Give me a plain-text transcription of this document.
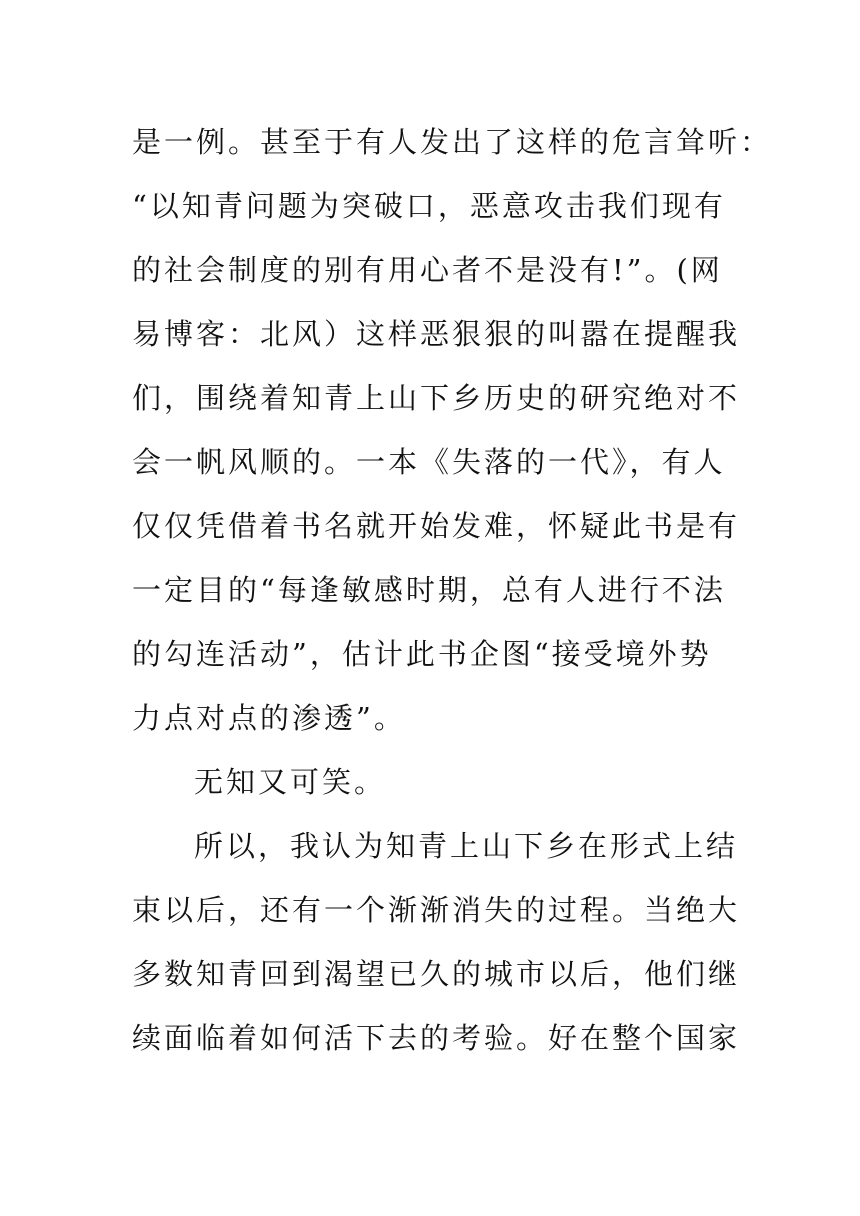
是一例。甚至于有人发出了这样的危言耸听：
“以知青问题为突破口，恶意攻击我们现有
的社会制度的别有用心者不是没有!”。(网
易博客：北风）这样恶狠狠的叫嚣在提醒我
们，围绕着知青上山下乡历史的研究绝对不
会一帆风顺的。一本《失落的一代》，有人
仅仅凭借着书名就开始发难，怀疑此书是有
一定目的“每逢敏感时期，总有人进行不法
的勾连活动”，估计此书企图“接受境外势
力点对点的渗透”。
无知又可笑。
所以，我认为知青上山下乡在形式上结
束以后，还有一个渐渐消失的过程。当绝大
多数知青回到渴望已久的城市以后，他们继
续面临着如何活下去的考验。好在整个国家
